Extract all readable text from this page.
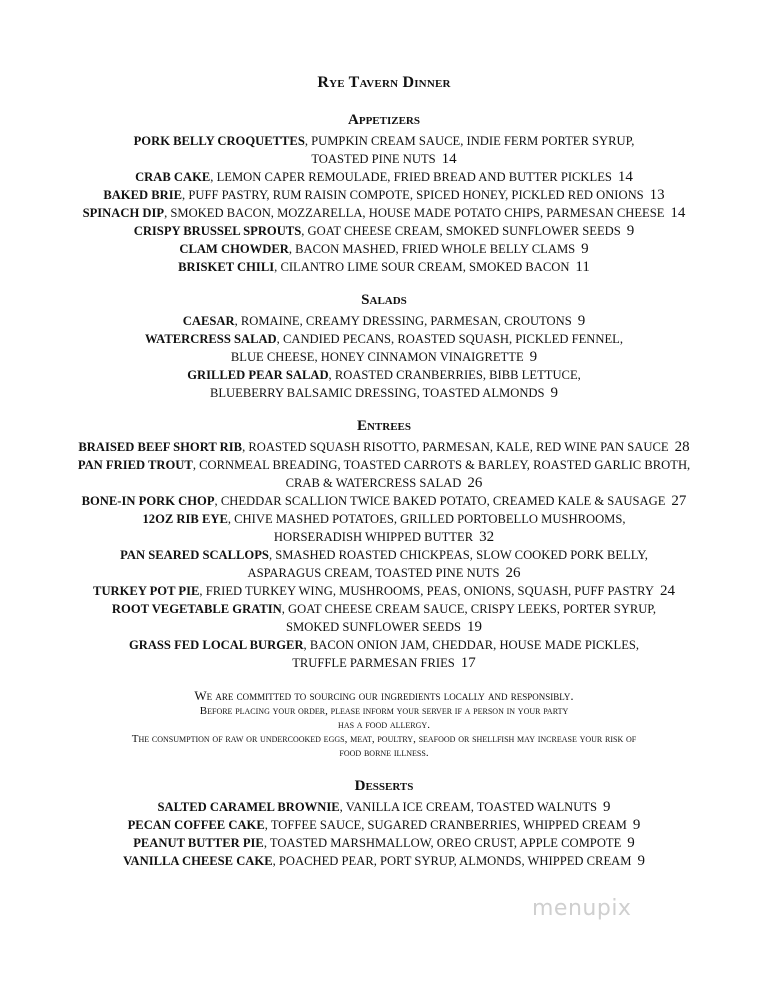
Rye Tavern Dinner
Appetizers
PORK BELLY CROQUETTES, PUMPKIN CREAM SAUCE, INDIE FERM PORTER SYRUP,
TOASTED PINE NUTS 14
CRAB CAKE, LEMON CAPER REMOULADE, FRIED BREAD AND BUTTER PICKLES 14
BAKED BRIE, PUFF PASTRY, RUM RAISIN COMPOTE, SPICED HONEY, PICKLED RED ONIONS 13
SPINACH DIP, SMOKED BACON, MOZZARELLA, HOUSE MADE POTATO CHIPS, PARMESAN CHEESE 14
CRISPY BRUSSEL SPROUTS, GOAT CHEESE CREAM, SMOKED SUNFLOWER SEEDS 9
CLAM CHOWDER, BACON MASHED, FRIED WHOLE BELLY CLAMS 9
BRISKET CHILI, CILANTRO LIME SOUR CREAM, SMOKED BACON 11
Salads
CAESAR, ROMAINE, CREAMY DRESSING, PARMESAN, CROUTONS 9
WATERCRESS SALAD, CANDIED PECANS, ROASTED SQUASH, PICKLED FENNEL,
BLUE CHEESE, HONEY CINNAMON VINAIGRETTE 9
GRILLED PEAR SALAD, ROASTED CRANBERRIES, BIBB LETTUCE,
BLUEBERRY BALSAMIC DRESSING, TOASTED ALMONDS 9
Entrees
BRAISED BEEF SHORT RIB, ROASTED SQUASH RISOTTO, PARMESAN, KALE, RED WINE PAN SAUCE 28
PAN FRIED TROUT, CORNMEAL BREADING, TOASTED CARROTS & BARLEY, ROASTED GARLIC BROTH,
CRAB & WATERCRESS SALAD 26
BONE-IN PORK CHOP, CHEDDAR SCALLION TWICE BAKED POTATO, CREAMED KALE & SAUSAGE 27
12OZ RIB EYE, CHIVE MASHED POTATOES, GRILLED PORTOBELLO MUSHROOMS,
HORSERADISH WHIPPED BUTTER 32
PAN SEARED SCALLOPS, SMASHED ROASTED CHICKPEAS, SLOW COOKED PORK BELLY,
ASPARAGUS CREAM, TOASTED PINE NUTS 26
TURKEY POT PIE, FRIED TURKEY WING, MUSHROOMS, PEAS, ONIONS, SQUASH, PUFF PASTRY 24
ROOT VEGETABLE GRATIN, GOAT CHEESE CREAM SAUCE, CRISPY LEEKS, PORTER SYRUP,
SMOKED SUNFLOWER SEEDS 19
GRASS FED LOCAL BURGER, BACON ONION JAM, CHEDDAR, HOUSE MADE PICKLES,
TRUFFLE PARMESAN FRIES 17
We are committed to sourcing our ingredients locally and responsibly.
Before placing your order, please inform your server if a person in your party
has a food allergy.
The consumption of raw or undercooked eggs, meat, poultry, seafood or shellfish may increase your risk of
food borne illness.
Desserts
SALTED CARAMEL BROWNIE, VANILLA ICE CREAM, TOASTED WALNUTS 9
PECAN COFFEE CAKE, TOFFEE SAUCE, SUGARED CRANBERRIES, WHIPPED CREAM 9
PEANUT BUTTER PIE, TOASTED MARSHMALLOW, OREO CRUST, APPLE COMPOTE 9
VANILLA CHEESE CAKE, POACHED PEAR, PORT SYRUP, ALMONDS, WHIPPED CREAM 9
menupix
